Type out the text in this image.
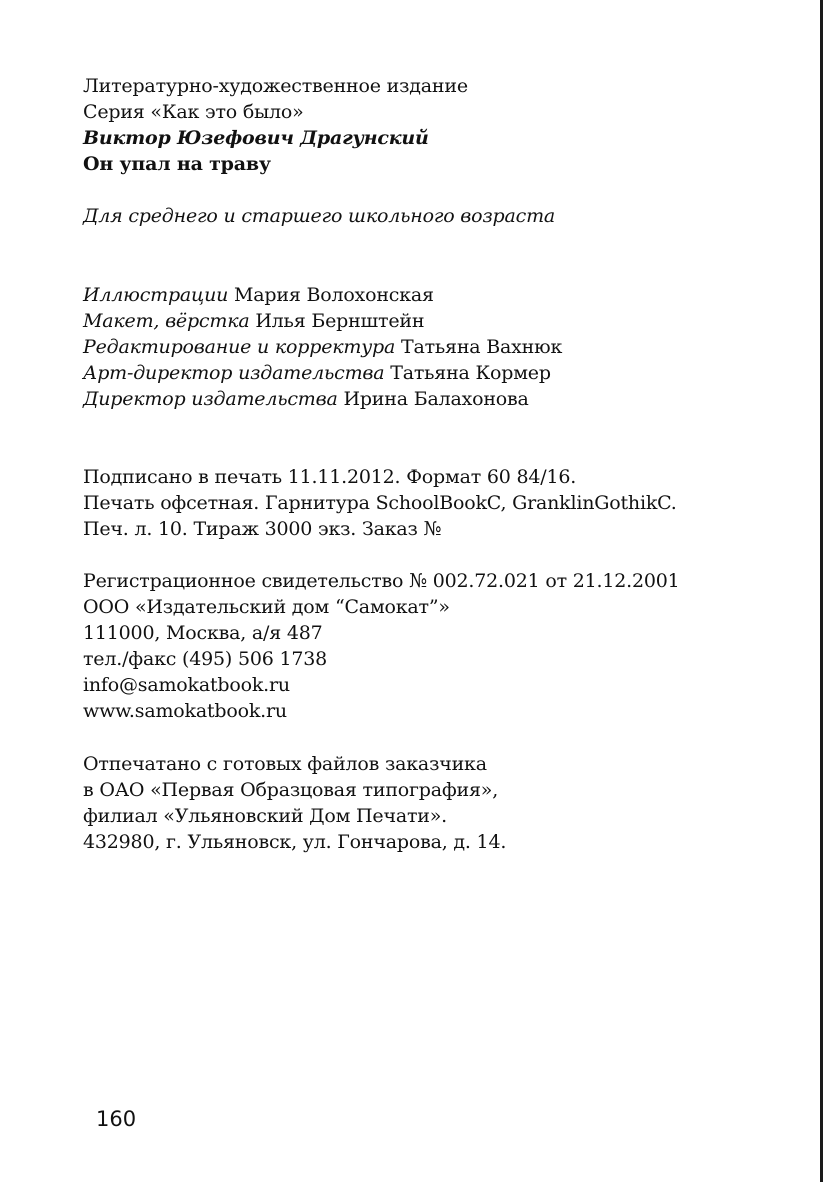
Литературно-художественное издание
Серия «Как это было»
Виктор Юзефович Драгунский
Он упал на траву
Для среднего и старшего школьного возраста
Иллюстрации Мария Волохонская
Макет, вёрстка Илья Бернштейн
Редактирование и корректура Татьяна Вахнюк
Арт-директор издательства Татьяна Кормер
Директор издательства Ирина Балахонова
Подписано в печать 11.11.2012. Формат 60 84/16.
Печать офсетная. Гарнитура SchoolBookC, GranklinGothikC.
Печ. л. 10. Тираж 3000 экз. Заказ №
Регистрационное свидетельство № 002.72.021 от 21.12.2001
ООО «Издательский дом “Самокат”»
111000, Москва, а/я 487
тел./факс (495) 506 1738
info@samokatbook.ru
www.samokatbook.ru
Отпечатано с готовых файлов заказчика
в ОАО «Первая Образцовая типография»,
филиал «Ульяновский Дом Печати».
432980, г. Ульяновск, ул. Гончарова, д. 14.
160
